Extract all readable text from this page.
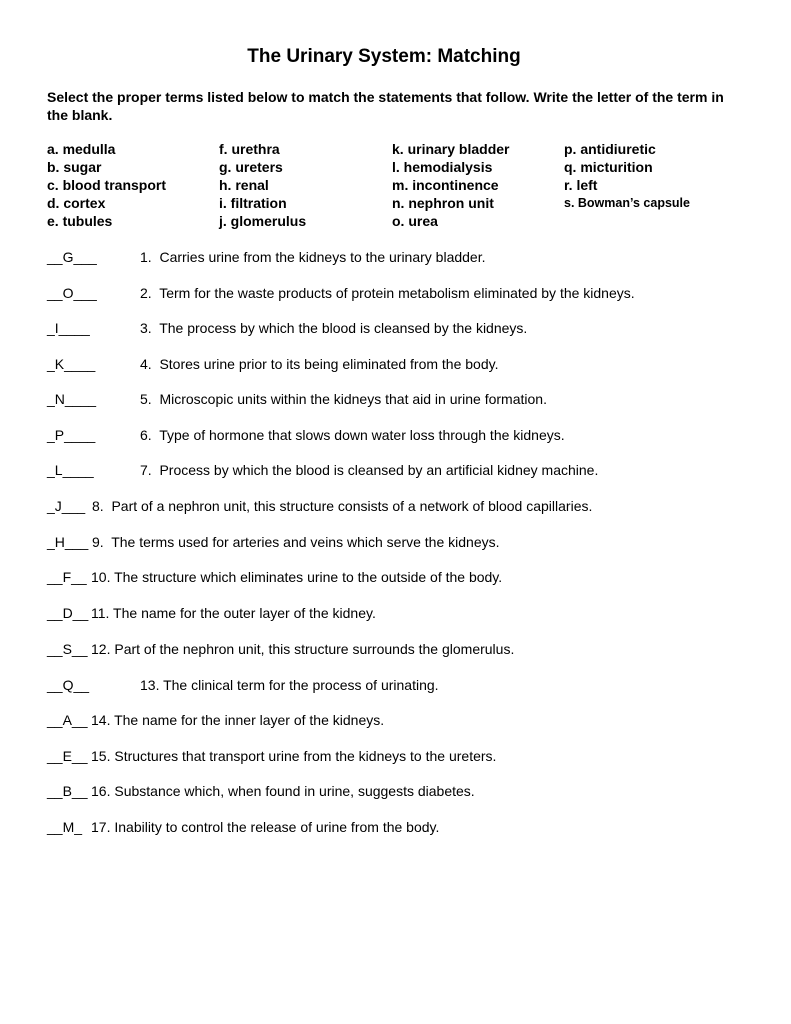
The Urinary System: Matching
Select the proper terms listed below to match the statements that follow. Write the letter of the term in the blank.
a. medulla
b. sugar
c. blood transport
d. cortex
e. tubules
f. urethra
g. ureters
h. renal
i. filtration
j. glomerulus
k. urinary bladder
l. hemodialysis
m. incontinence
n. nephron unit
o. urea
p. antidiuretic
q. micturition
r. left
s. Bowman’s capsule

__G___

	1.  Carries urine from the kidneys to the urinary bladder.

__O___

	2.  Term for the waste products of protein metabolism eliminated by the kidneys.

_I____

	3.  The process by which the blood is cleansed by the kidneys.

_K____

	4.  Stores urine prior to its being eliminated from the body.

_N____

	5.  Microscopic units within the kidneys that aid in urine formation.

_P____

	6.  Type of hormone that slows down water loss through the kidneys.

_L____

	7.  Process by which the blood is cleansed by an artificial kidney machine.

_J___

8.  Part of a nephron unit, this structure consists of a network of blood capillaries.

_H___

9.  The terms used for arteries and veins which serve the kidneys.

__F__

10. The structure which eliminates urine to the outside of the body.

__D__

11. The name for the outer layer of the kidney.

__S__

12. Part of the nephron unit, this structure surrounds the glomerulus.

__Q__

	13. The clinical term for the process of urinating.

__A__

14. The name for the inner layer of the kidneys.

__E__

15. Structures that transport urine from the kidneys to the ureters.

__B__

16. Substance which, when found in urine, suggests diabetes.

__M_

17. Inability to control the release of urine from the body.
